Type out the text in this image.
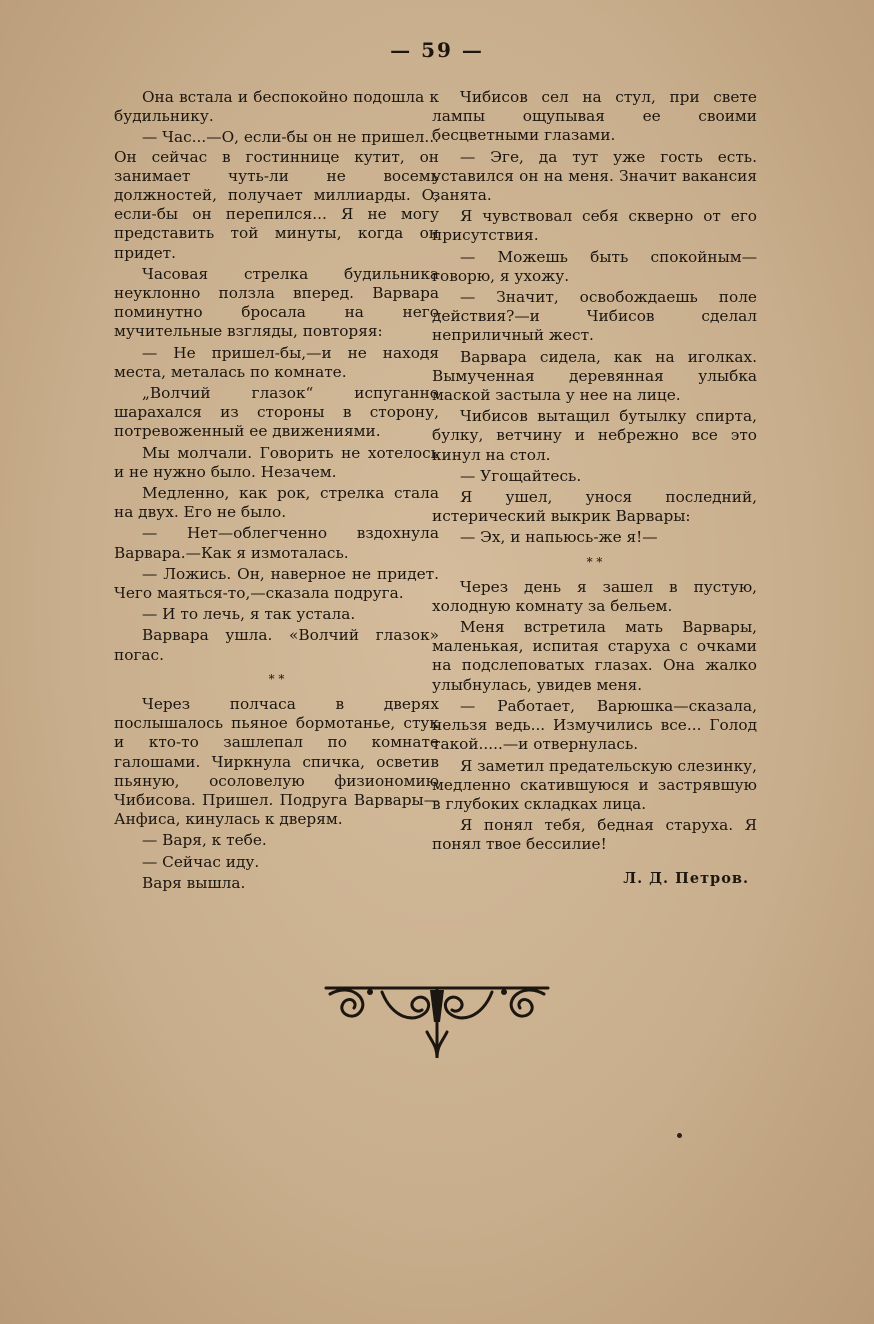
— 59 —

Она встала и беспокойно подошла к будильнику.

— Час...—О, если-бы он не пришел... Он сейчас в гостиннице кутит, он занимает чуть-ли не восемь должностей, получает миллиарды. О, если-бы он перепился... Я не могу представить той минуты, когда он придет.

Часовая стрелка будильника неуклонно ползла вперед. Варвара поминутно бросала на него мучительные взгляды, повторяя:

— Не пришел-бы,—и не находя места, металась по комнате.

„Волчий глазок“ испуганно шарахался из стороны в сторону, потревоженный ее движениями.

Мы молчали. Говорить не хотелось и не нужно было. Незачем.

Медленно, как рок, стрелка стала на двух. Его не было.

— Нет—облегченно вздохнула Варвара.—Как я измоталась.

— Ложись. Он, наверное не придет. Чего маяться-то,—сказала подруга.

— И то лечь, я так устала.

Варвара ушла. «Волчий глазок» погас.

* *

Через полчаса в дверях послышалось пьяное бормотанье, стук и кто-то зашлепал по комнате галошами. Чиркнула спичка, осветив пьяную, осоловелую физиономию Чибисова. Пришел. Подруга Варвары—Анфиса, кинулась к дверям.

— Варя, к тебе.

— Сейчас иду.

Варя вышла.

Чибисов сел на стул, при свете лампы ощупывая ее своими бесцветными глазами.

— Эге, да тут уже гость есть. уставился он на меня. Значит вакансия занята.

Я чувствовал себя скверно от его присутствия.

— Можешь быть спокойным— говорю, я ухожу.

— Значит, освобождаешь поле действия?—и Чибисов сделал неприличный жест.

Варвара сидела, как на иголках. Вымученная деревянная улыбка маской застыла у нее на лице.

Чибисов вытащил бутылку спирта, булку, ветчину и небрежно все это кинул на стол.

— Угощайтесь.

Я ушел, унося последний, истерический выкрик Варвары:

— Эх, и напьюсь-же я!—

* *

Через день я зашел в пустую, холодную комнату за бельем.

Меня встретила мать Варвары, маленькая, испитая старуха с очками на подслеповатых глазах. Она жалко улыбнулась, увидев меня.

— Работает, Варюшка—сказала, нельзя ведь... Измучились все... Голод такой.....—и отвернулась.

Я заметил предательскую слезинку, медленно скатившуюся и застрявшую в глубоких складках лица.

Я понял тебя, бедная старуха. Я понял твое бессилие!

Л. Д. Петров.
